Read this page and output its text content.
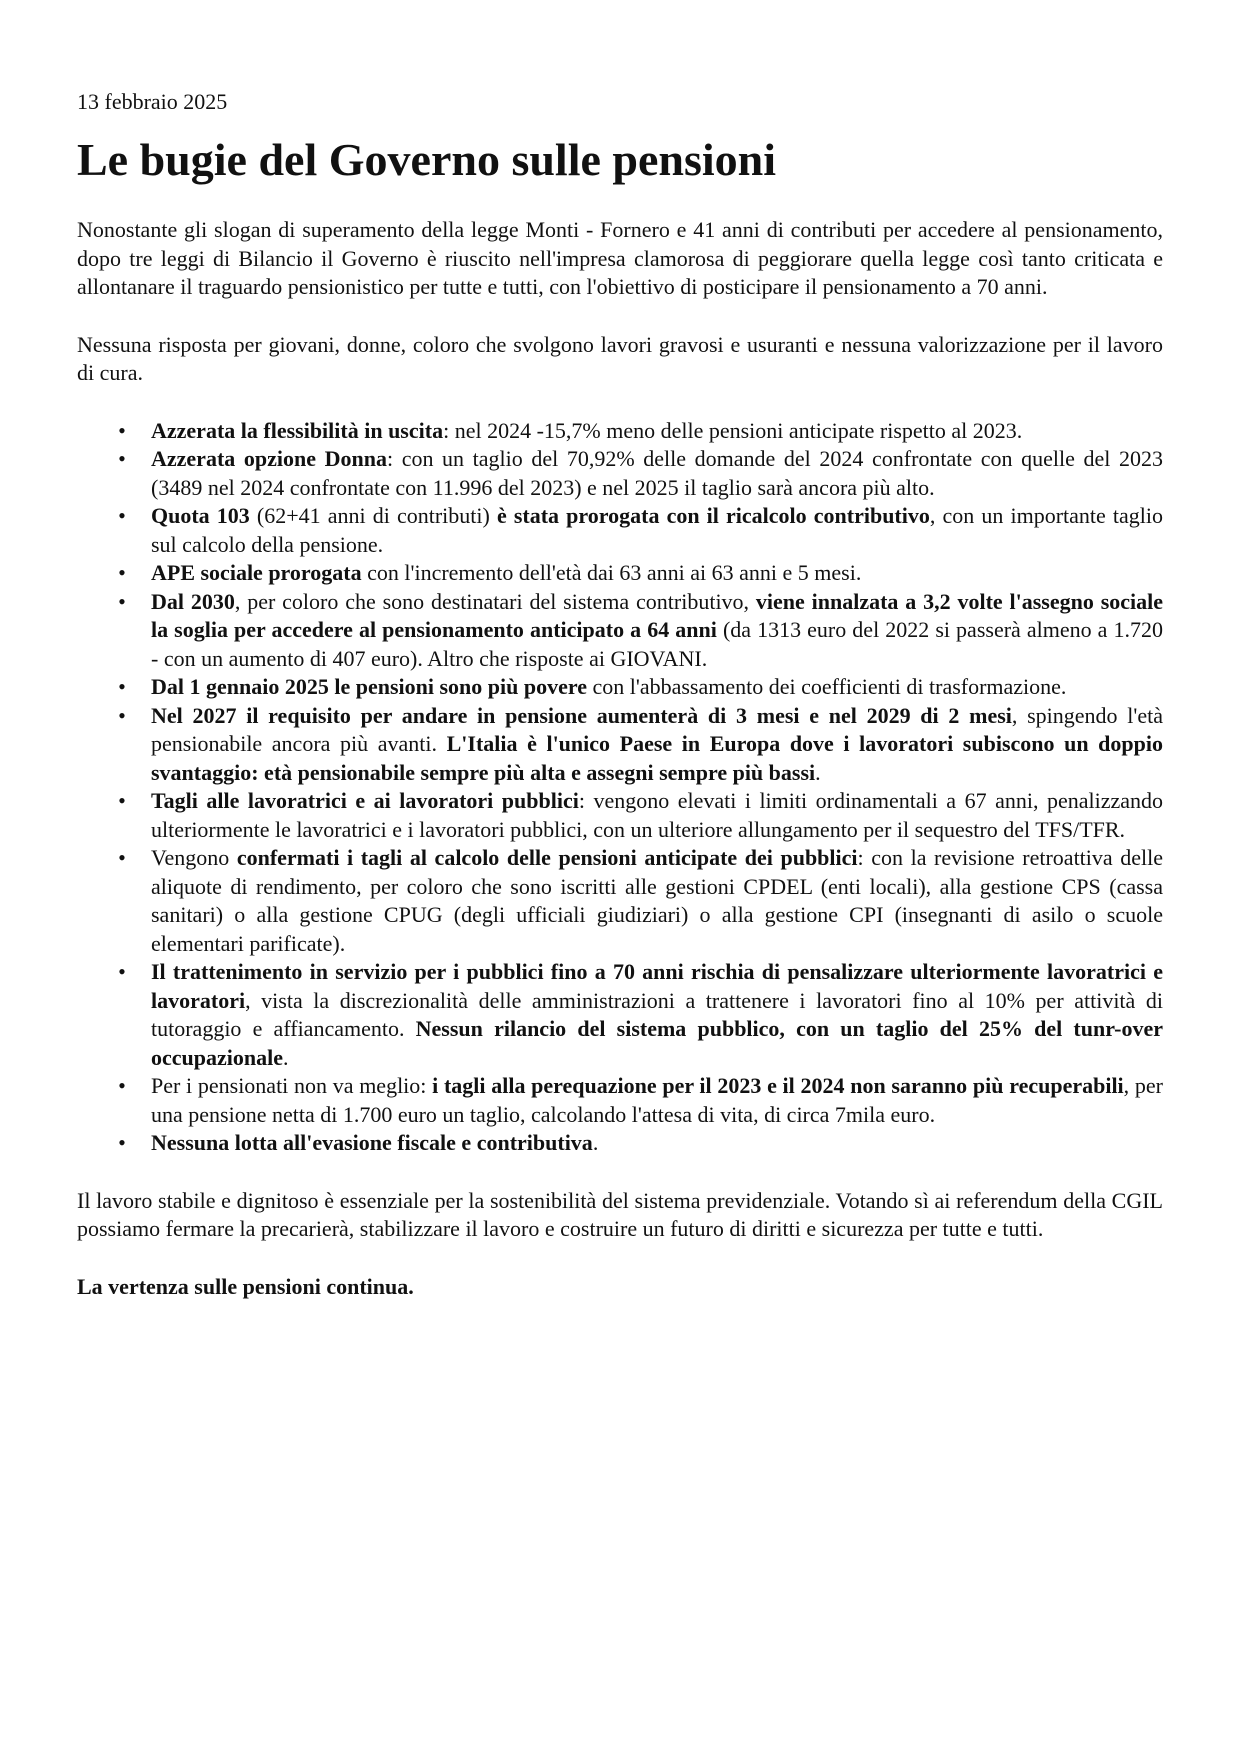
13 febbraio 2025

Le bugie del Governo sulle pensioni

Nonostante gli slogan di superamento della legge Monti - Fornero e 41 anni di contributi per accedere al pensionamento, dopo tre leggi di Bilancio il Governo è riuscito nell'impresa clamorosa di peggiorare quella legge così tanto criticata e allontanare il traguardo pensionistico per tutte e tutti, con l'obiettivo di posticipare il pensionamento a 70 anni.

Nessuna risposta per giovani, donne, coloro che svolgono lavori gravosi e usuranti e nessuna valorizzazione per il lavoro di cura.

• Azzerata la flessibilità in uscita: nel 2024 -15,7% meno delle pensioni anticipate rispetto al 2023.
• Azzerata opzione Donna: con un taglio del 70,92% delle domande del 2024 confrontate con quelle del 2023 (3489 nel 2024 confrontate con 11.996 del 2023) e nel 2025 il taglio sarà ancora più alto.
• Quota 103 (62+41 anni di contributi) è stata prorogata con il ricalcolo contributivo, con un importante taglio sul calcolo della pensione.
• APE sociale prorogata con l'incremento dell'età dai 63 anni ai 63 anni e 5 mesi.
• Dal 2030, per coloro che sono destinatari del sistema contributivo, viene innalzata a 3,2 volte l'assegno sociale la soglia per accedere al pensionamento anticipato a 64 anni (da 1313 euro del 2022 si passerà almeno a 1.720 - con un aumento di 407 euro). Altro che risposte ai GIOVANI.
• Dal 1 gennaio 2025 le pensioni sono più povere con l'abbassamento dei coefficienti di trasformazione.
• Nel 2027 il requisito per andare in pensione aumenterà di 3 mesi e nel 2029 di 2 mesi, spingendo l'età pensionabile ancora più avanti. L'Italia è l'unico Paese in Europa dove i lavoratori subiscono un doppio svantaggio: età pensionabile sempre più alta e assegni sempre più bassi.
• Tagli alle lavoratrici e ai lavoratori pubblici: vengono elevati i limiti ordinamentali a 67 anni, penalizzando ulteriormente le lavoratrici e i lavoratori pubblici, con un ulteriore allungamento per il sequestro del TFS/TFR.
• Vengono confermati i tagli al calcolo delle pensioni anticipate dei pubblici: con la revisione retroattiva delle aliquote di rendimento, per coloro che sono iscritti alle gestioni CPDEL (enti locali), alla gestione CPS (cassa sanitari) o alla gestione CPUG (degli ufficiali giudiziari) o alla gestione CPI (insegnanti di asilo o scuole elementari parificate).
• Il trattenimento in servizio per i pubblici fino a 70 anni rischia di pensalizzare ulteriormente lavoratrici e lavoratori, vista la discrezionalità delle amministrazioni a trattenere i lavoratori fino al 10% per attività di tutoraggio e affiancamento. Nessun rilancio del sistema pubblico, con un taglio del 25% del tunr-over occupazionale.
• Per i pensionati non va meglio: i tagli alla perequazione per il 2023 e il 2024 non saranno più recuperabili, per una pensione netta di 1.700 euro un taglio, calcolando l'attesa di vita, di circa 7mila euro.
• Nessuna lotta all'evasione fiscale e contributiva.

Il lavoro stabile e dignitoso è essenziale per la sostenibilità del sistema previdenziale. Votando sì ai referendum della CGIL possiamo fermare la precarierà, stabilizzare il lavoro e costruire un futuro di diritti e sicurezza per tutte e tutti.

La vertenza sulle pensioni continua.
